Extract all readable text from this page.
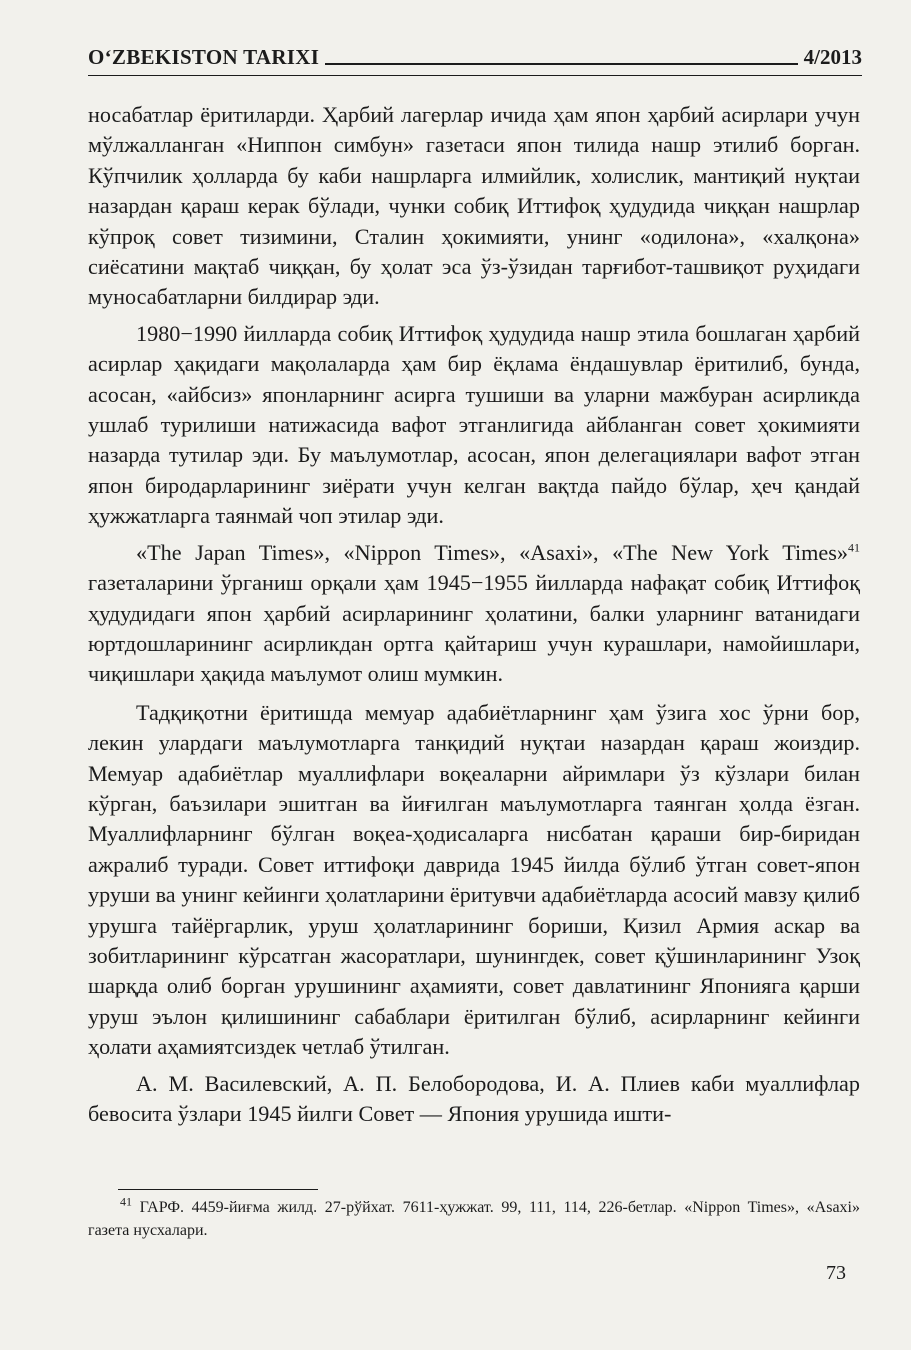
O‘ZBEKISTON TARIXI	4/2013

носабатлар ёритиларди. Ҳарбий лагерлар ичида ҳам япон ҳарбий асирлари учун мўлжалланган «Ниппон симбун» газетаси япон тилида нашр этилиб борган. Кўпчилик ҳолларда бу каби нашрларга илмийлик, холислик, мантиқий нуқтаи назардан қараш керак бўлади, чунки собиқ Иттифоқ ҳудудида чиққан нашрлар кўпроқ совет тизимини, Сталин ҳокимияти, унинг «одилона», «халқона» сиёсатини мақтаб чиққан, бу ҳолат эса ўз-ўзидан тарғибот-ташвиқот руҳидаги муносабатларни билдирар эди.

1980−1990 йилларда собиқ Иттифоқ ҳудудида нашр этила бошлаган ҳарбий асирлар ҳақидаги мақолаларда ҳам бир ёқлама ёндашувлар ёритилиб, бунда, асосан, «айбсиз» японларнинг асирга тушиши ва уларни мажбуран асирликда ушлаб турилиши натижасида вафот этганлигида айбланган совет ҳокимияти назарда тутилар эди. Бу маълумотлар, асосан, япон делегациялари вафот этган япон биродарларининг зиёрати учун келган вақтда пайдо бўлар, ҳеч қандай ҳужжатларга таянмай чоп этилар эди.

«The Japan Times», «Nippon Times», «Asaxi», «The New York Times»$^{41}$ газеталарини ўрганиш орқали ҳам 1945−1955 йилларда нафақат собиқ Иттифоқ ҳудудидаги япон ҳарбий асирларининг ҳолатини, балки уларнинг ватанидаги юртдошларининг асирликдан ортга қайтариш учун курашлари, намойишлари, чиқишлари ҳақида маълумот олиш мумкин.

Тадқиқотни ёритишда мемуар адабиётларнинг ҳам ўзига хос ўрни бор, лекин улардаги маълумотларга танқидий нуқтаи назардан қараш жоиздир. Мемуар адабиётлар муаллифлари воқеаларни айримлари ўз кўзлари билан кўрган, баъзилари эшитган ва йиғилган маълумотларга таянган ҳолда ёзган. Муаллифларнинг бўлган воқеа-ҳодисаларга нисбатан қараши бир-биридан ажралиб туради. Совет иттифоқи даврида 1945 йилда бўлиб ўтган совет-япон уруши ва унинг кейинги ҳолатларини ёритувчи адабиётларда асосий мавзу қилиб урушга тайёргарлик, уруш ҳолатларининг бориши, Қизил Армия аскар ва зобитларининг кўрсатган жасоратлари, шунингдек, совет қўшинларининг Узоқ шарқда олиб борган урушининг аҳамияти, совет давлатининг Японияга қарши уруш эълон қилишининг сабаблари ёритилган бўлиб, асирларнинг кейинги ҳолати аҳамиятсиздек четлаб ўтилган.

А. М. Василевский, А. П. Белобородова, И. А. Плиев каби муаллифлар бевосита ўзлари 1945 йилги Совет — Япония урушида ишти-

$^{41}$ ГАРФ. 4459-йиғма жилд. 27-рўйхат. 7611-ҳужжат. 99, 111, 114, 226-бетлар. «Nippon Times», «Asaxi» газета нусхалари.

73
